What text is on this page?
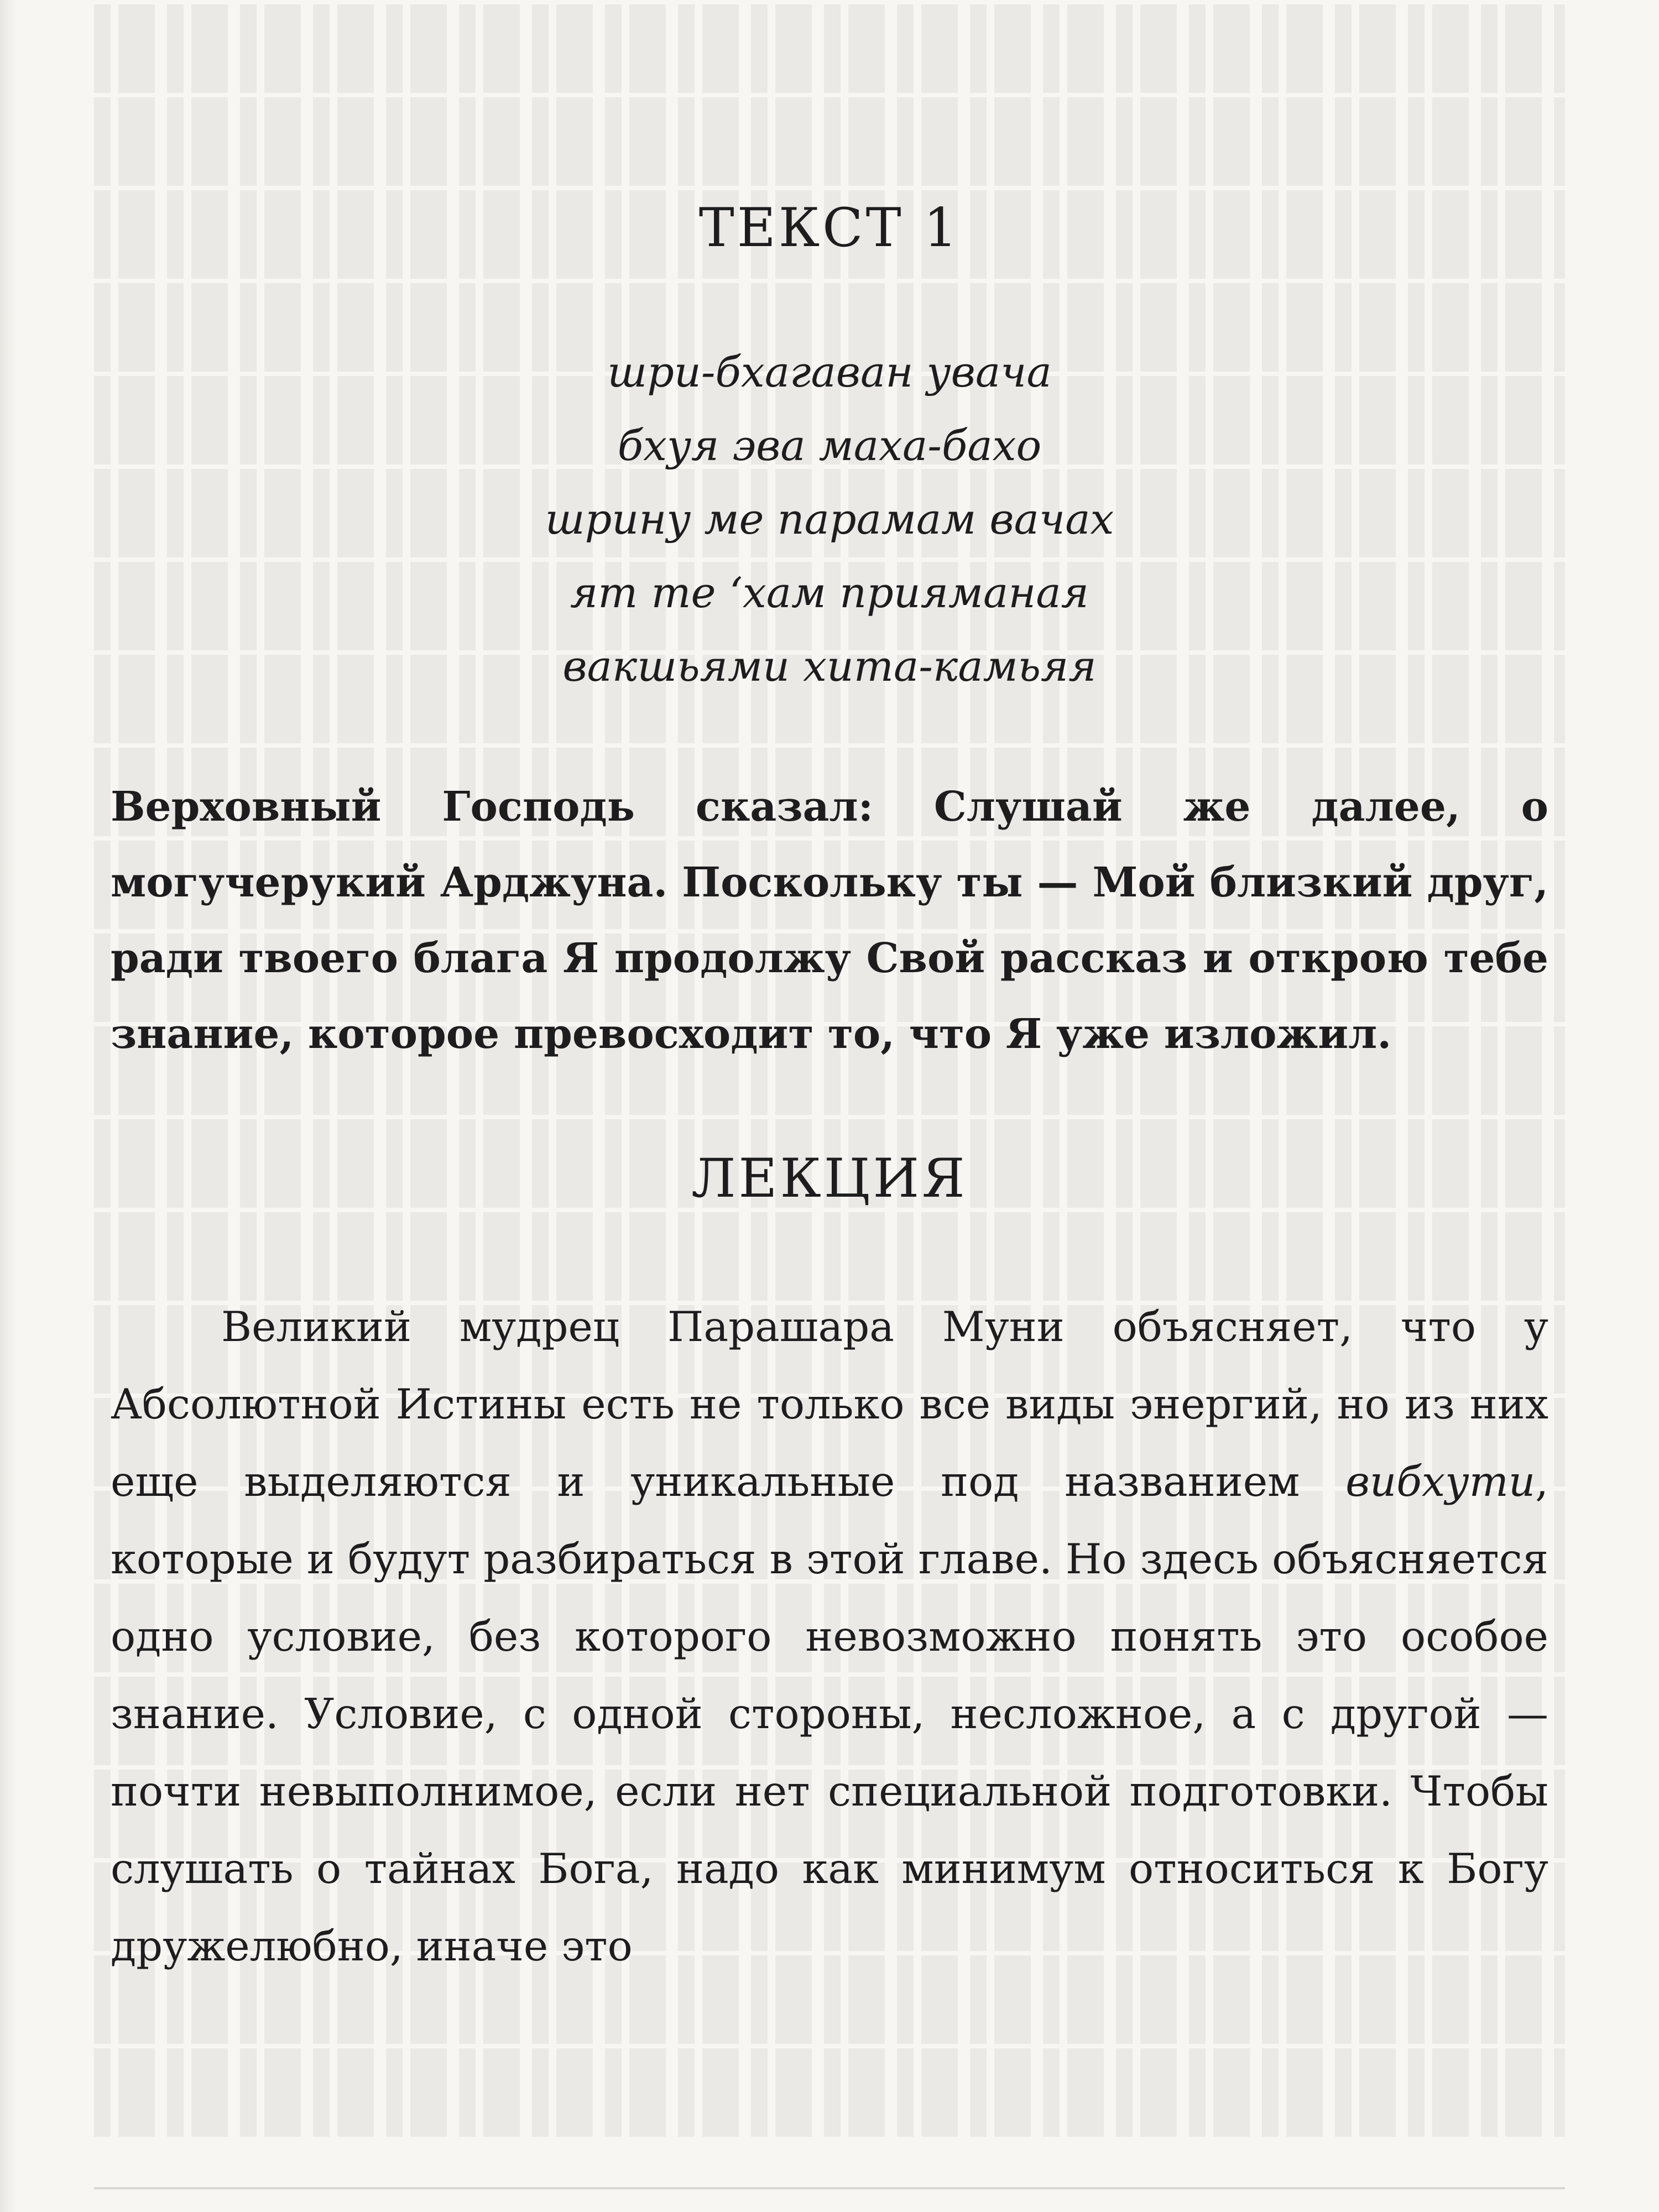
ТЕКСТ 1
шри-бхагаван увача
бхуя эва маха-бахо
шрину ме парамам вачах
ят те ‘хам прияманая
вакшьями хита-камьяя

Верховный Господь сказал: Слушай же далее, о могучерукий Арджуна. Поскольку ты — Мой близкий друг, ради твоего блага Я продолжу Свой рассказ и открою тебе знание, которое превосходит то, что Я уже изложил.

ЛЕКЦИЯ

Великий мудрец Парашара Муни объясняет, что у Абсолютной Истины есть не только все виды энергий, но из них еще выделяются и уникальные под названием вибхути, которые и будут разбираться в этой главе. Но здесь объясняется одно условие, без которого невозможно понять это особое знание. Условие, с одной стороны, несложное, а с другой — почти невыполнимое, если нет специальной подготовки. Чтобы слушать о тайнах Бога, надо как минимум относиться к Богу дружелюбно, иначе это
